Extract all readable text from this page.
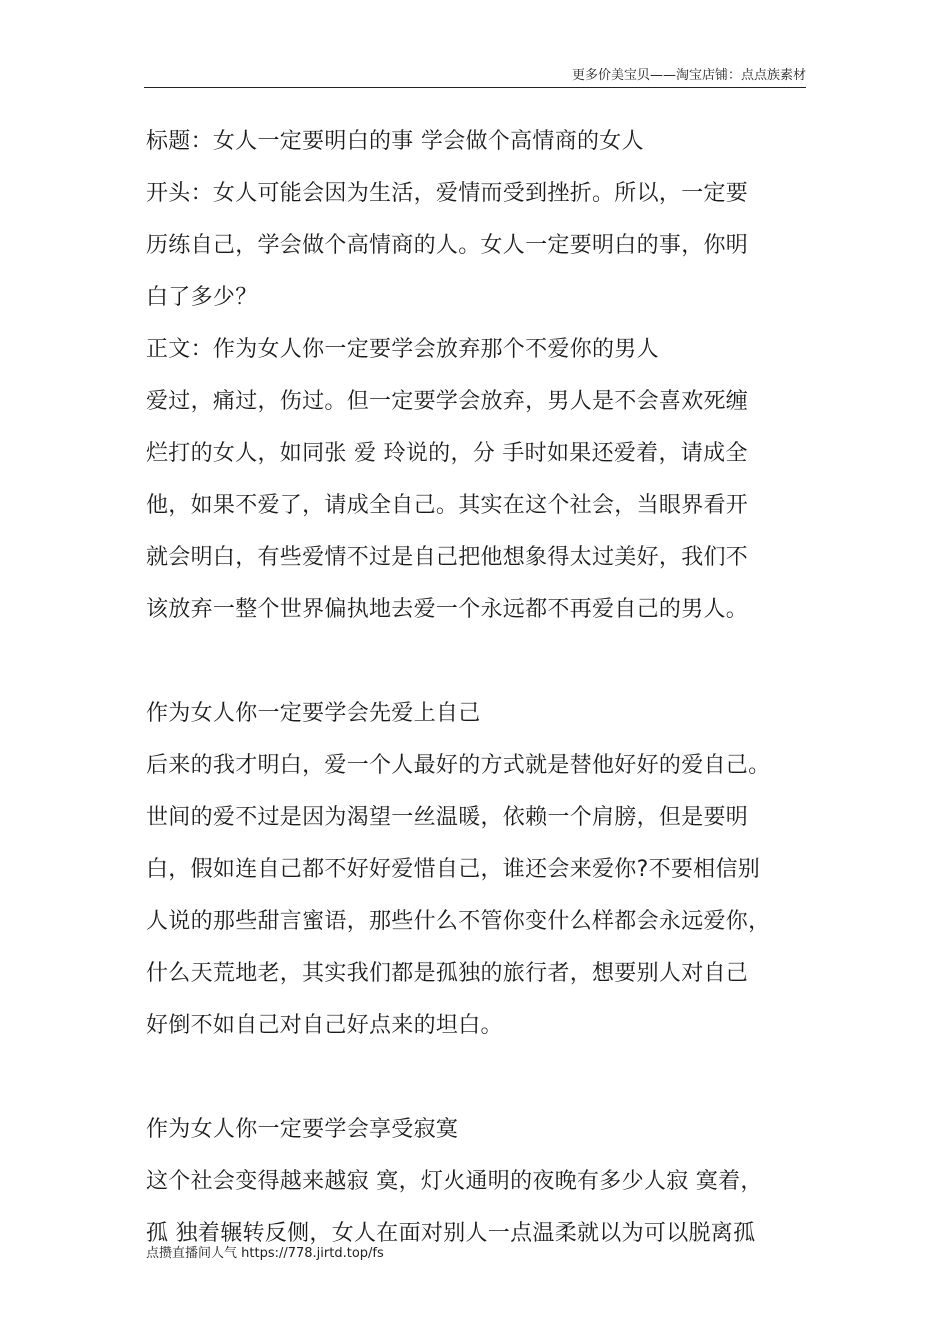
更多价美宝贝——淘宝店铺：点点族素材
标题：女人一定要明白的事 学会做个高情商的女人
开头：女人可能会因为生活，爱情而受到挫折。所以，一定要
历练自己，学会做个高情商的人。女人一定要明白的事，你明
白了多少？
正文：作为女人你一定要学会放弃那个不爱你的男人
爱过，痛过，伤过。但一定要学会放弃，男人是不会喜欢死缠
烂打的女人，如同张 爱 玲说的，分 手时如果还爱着，请成全
他，如果不爱了，请成全自己。其实在这个社会，当眼界看开
就会明白，有些爱情不过是自己把他想象得太过美好，我们不
该放弃一整个世界偏执地去爱一个永远都不再爱自己的男人。
作为女人你一定要学会先爱上自己
后来的我才明白，爱一个人最好的方式就是替他好好的爱自己。
世间的爱不过是因为渴望一丝温暖，依赖一个肩膀，但是要明
白，假如连自己都不好好爱惜自己，谁还会来爱你?不要相信别
人说的那些甜言蜜语，那些什么不管你变什么样都会永远爱你，
什么天荒地老，其实我们都是孤独的旅行者，想要别人对自己
好倒不如自己对自己好点来的坦白。
作为女人你一定要学会享受寂寞
这个社会变得越来越寂 寞，灯火通明的夜晚有多少人寂 寞着，
孤 独着辗转反侧，女人在面对别人一点温柔就以为可以脱离孤
点攒直播间人气 https://778.jirtd.top/fs
